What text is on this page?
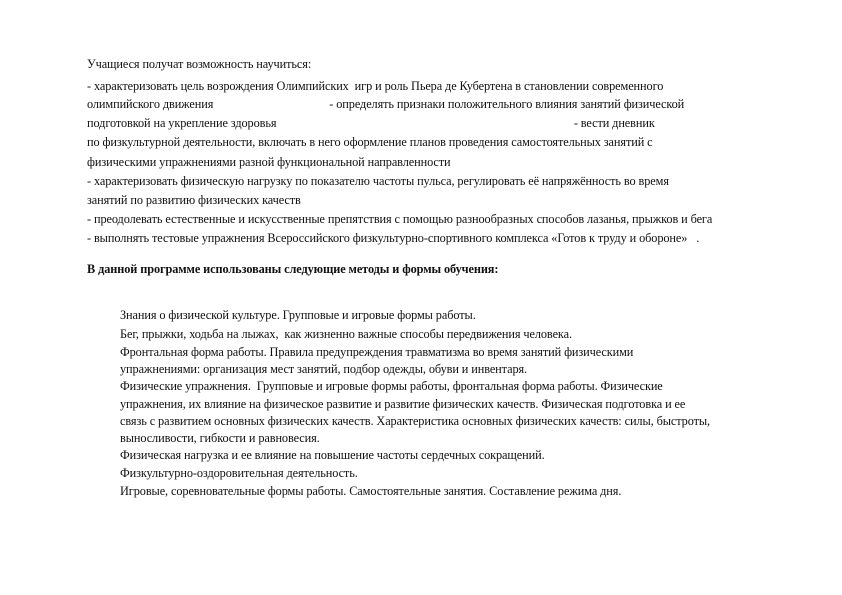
Учащиеся получат возможность научиться:
- характеризовать цель возрождения Олимпийских  игр и роль Пьера де Кубертена в становлении современного
олимпийского движения                                       - определять признаки положительного влияния занятий физической
подготовкой на укрепление здоровья                                                                                                    - вести дневник
по физкультурной деятельности, включать в него оформление планов проведения самостоятельных занятий с
физическими упражнениями разной функциональной направленности
- характеризовать физическую нагрузку по показателю частоты пульса, регулировать её напряжённость во время
занятий по развитию физических качеств
- преодолевать естественные и искусственные препятствия с помощью разнообразных способов лазанья, прыжков и бега
- выполнять тестовые упражнения Всероссийского физкультурно-спортивного комплекса «Готов к труду и обороне»   .
В данной программе использованы следующие методы и формы обучения:
Знания о физической культуре. Групповые и игровые формы работы.
Бег, прыжки, ходьба на лыжах,  как жизненно важные способы передвижения человека.
Фронтальная форма работы. Правила предупреждения травматизма во время занятий физическими
упражнениями: организация мест занятий, подбор одежды, обуви и инвентаря.
Физические упражнения.  Групповые и игровые формы работы, фронтальная форма работы. Физические
упражнения, их влияние на физическое развитие и развитие физических качеств. Физическая подготовка и ее
связь с развитием основных физических качеств. Характеристика основных физических качеств: силы, быстроты,
выносливости, гибкости и равновесия.
Физическая нагрузка и ее влияние на повышение частоты сердечных сокращений.
Физкультурно-оздоровительная деятельность.
Игровые, соревновательные формы работы. Самостоятельные занятия. Составление режима дня.
